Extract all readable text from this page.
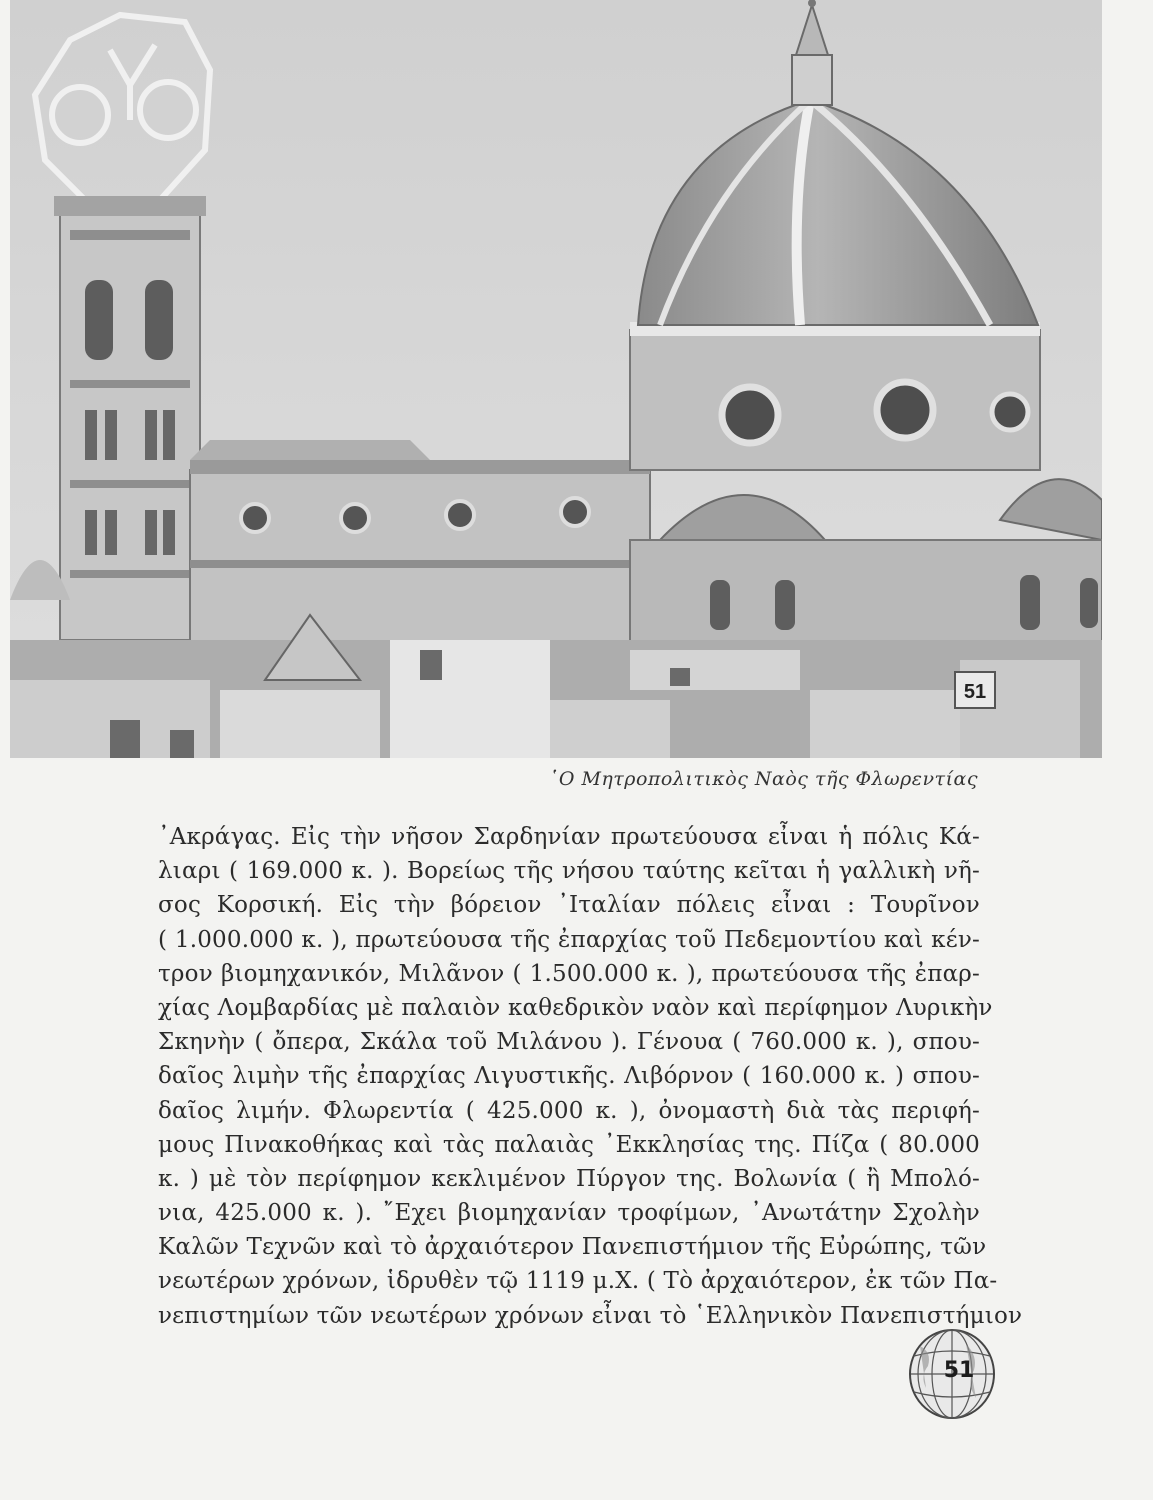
51
῾Ο Μητροπολιτικὸς Ναὸς τῆς Φλωρεντίας
᾿Ακράγας. Εἰς τὴν νῆσον Σαρδηνίαν πρωτεύουσα εἶναι ἡ πόλις Κά-
λιαρι ( 169.000 κ. ). Βορείως τῆς νήσου ταύτης κεῖται ἡ γαλλικὴ νῆ-
σος Κορσική. Εἰς τὴν βόρειον ᾿Ιταλίαν πόλεις εἶναι : Τουρῖνον
( 1.000.000 κ. ), πρωτεύουσα τῆς ἐπαρχίας τοῦ Πεδεμοντίου καὶ κέν-
τρον βιομηχανικόν, Μιλᾶνον ( 1.500.000 κ. ), πρωτεύουσα τῆς ἐπαρ-
χίας Λομβαρδίας μὲ παλαιὸν καθεδρικὸν ναὸν καὶ περίφημον Λυρικὴν
Σκηνὴν ( ὄπερα, Σκάλα τοῦ Μιλάνου ). Γένουα ( 760.000 κ. ), σπου-
δαῖος λιμὴν τῆς ἐπαρχίας Λιγυστικῆς. Λιβόρνον ( 160.000 κ. ) σπου-
δαῖος λιμήν. Φλωρεντία ( 425.000 κ. ), ὀνομαστὴ διὰ τὰς περιφή-
μους Πινακοθήκας καὶ τὰς παλαιὰς ᾿Εκκλησίας της. Πίζα ( 80.000
κ. ) μὲ τὸν περίφημον κεκλιμένον Πύργον της. Βολωνία ( ἢ Μπολό-
νια, 425.000 κ. ). ῎Εχει βιομηχανίαν τροφίμων, ᾿Ανωτάτην Σχολὴν
Καλῶν Τεχνῶν καὶ τὸ ἀρχαιότερον Πανεπιστήμιον τῆς Εὐρώπης, τῶν
νεωτέρων χρόνων, ἱδρυθὲν τῷ 1119 μ.Χ. ( Τὸ ἀρχαιότερον, ἐκ τῶν Πα-
νεπιστημίων τῶν νεωτέρων χρόνων εἶναι τὸ ῾Ελληνικὸν Πανεπιστήμιον
51
